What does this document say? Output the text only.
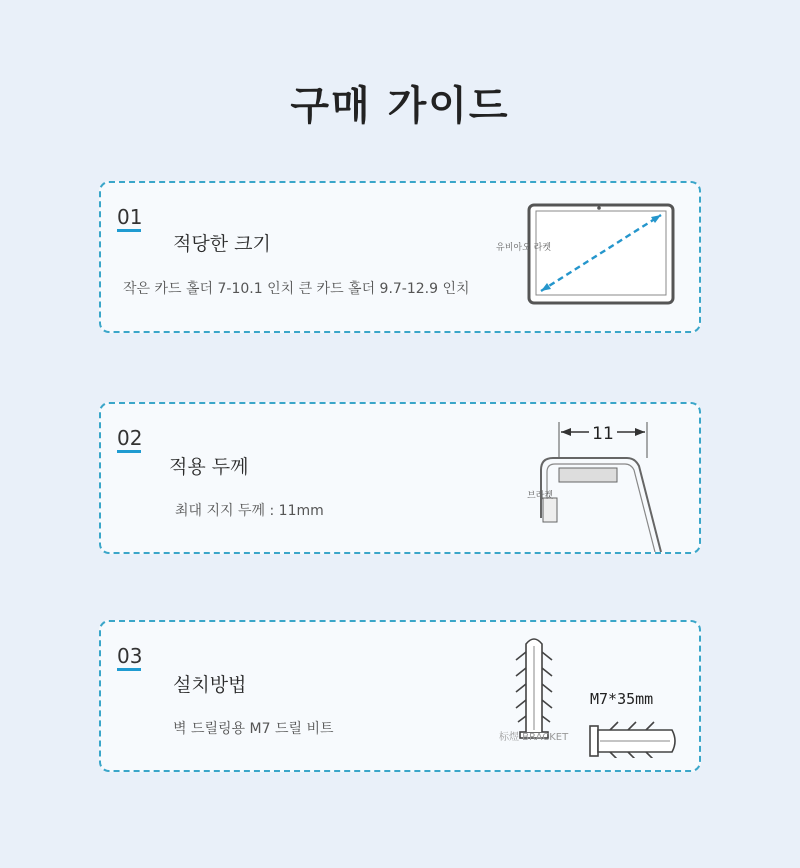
구매 가이드
01
적당한 크기
작은 카드 홀더 7-10.1 인치 큰 카드 홀더 9.7-12.9 인치
유비아오 라켓
02
적용 두께
최대 지지 두께 : 11mm
11
브라켓
03
설치방법
벽 드릴링용 M7 드릴 비트
M7*35mm
标煜 BRACKET
